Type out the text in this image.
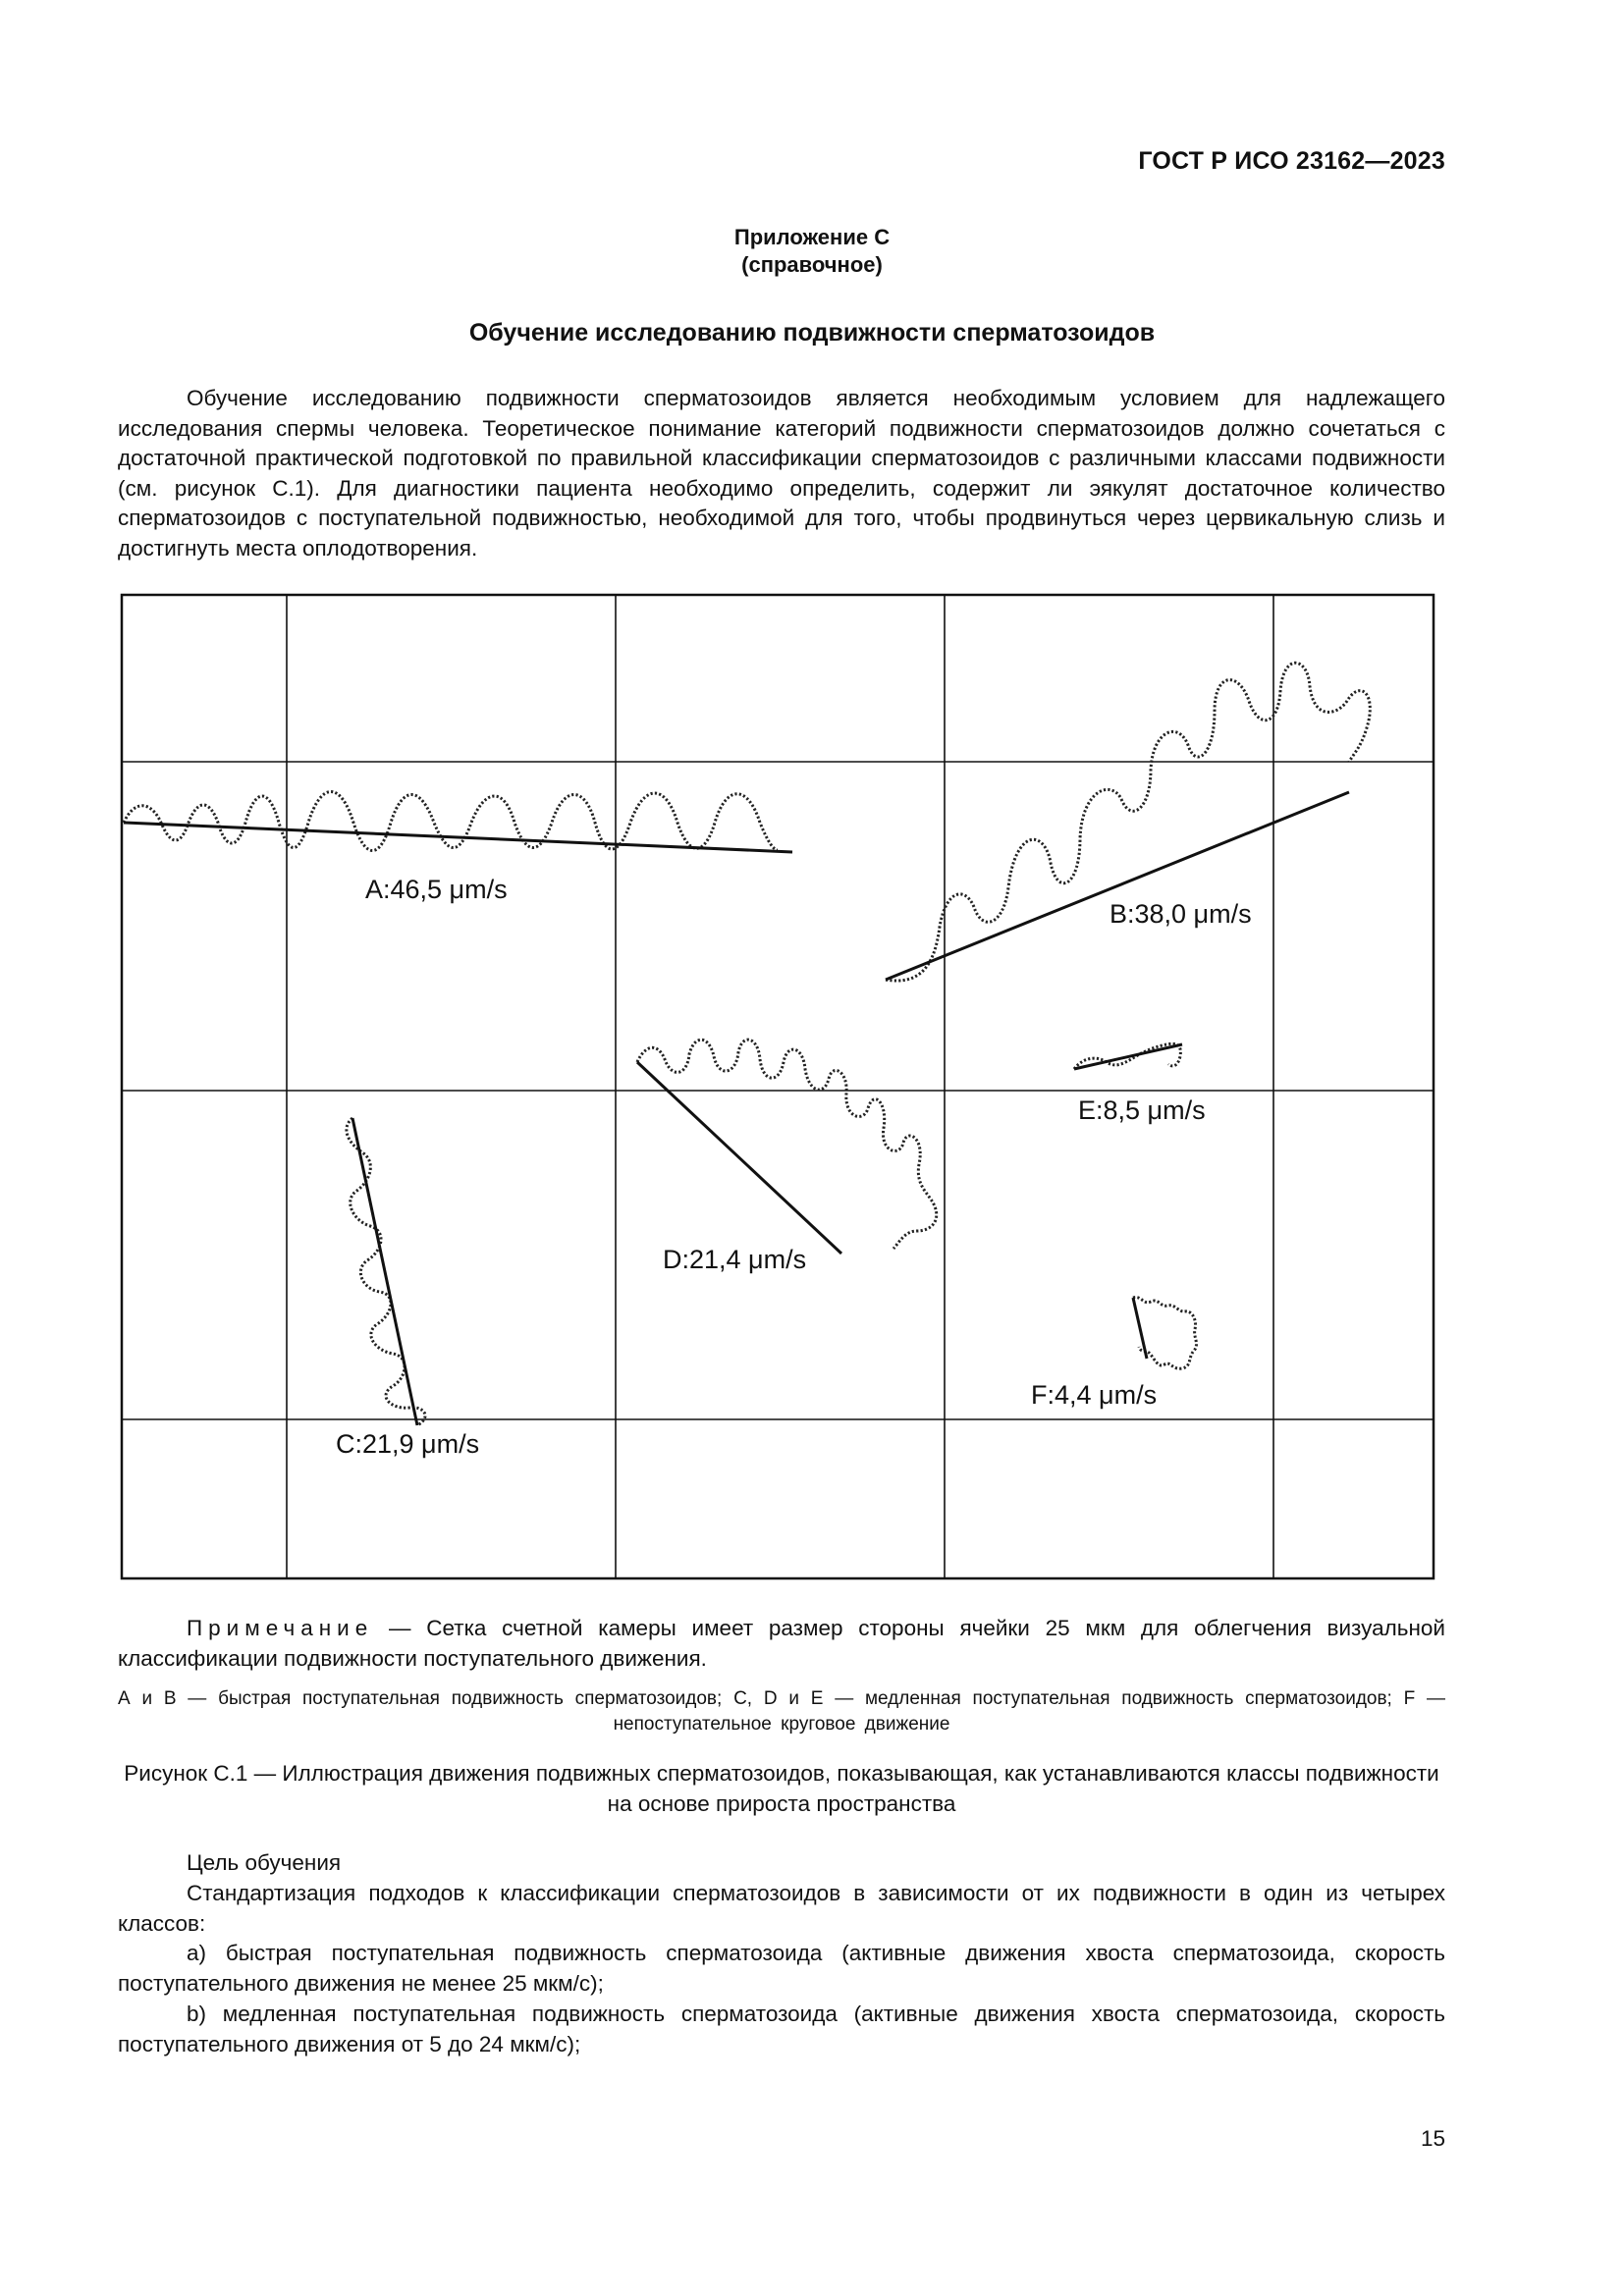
ГОСТ Р ИСО 23162—2023
Приложение С
(справочное)
Обучение исследованию подвижности сперматозоидов
Обучение исследованию подвижности сперматозоидов является необходимым условием для надлежащего исследования спермы человека. Теоретическое понимание категорий подвижности сперматозоидов должно сочетаться с достаточной практической подготовкой по правильной классификации сперматозоидов с различными классами подвижности (см. рисунок С.1). Для диагностики пациента необходимо определить, содержит ли эякулят достаточное количество сперматозоидов с поступательной подвижностью, необходимой для того, чтобы продвинуться через цервикальную слизь и достигнуть места оплодотворения.
A:46,5 μm/s
B:38,0 μm/s
C:21,9 μm/s
D:21,4 μm/s
E:8,5 μm/s
F:4,4 μm/s
Примечание — Сетка счетной камеры имеет размер стороны ячейки 25 мкм для облегчения визуальной классификации подвижности поступательного движения.
А и В — быстрая поступательная подвижность сперматозоидов; C, D и E — медленная поступательная подвижность сперматозоидов; F — непоступательное круговое движение
Рисунок С.1 — Иллюстрация движения подвижных сперматозоидов, показывающая, как устанавливаются классы подвижности на основе прироста пространства

Цель обучения

Стандартизация подходов к классификации сперматозоидов в зависимости от их подвижности в один из четырех классов:

a) быстрая поступательная подвижность сперматозоида (активные движения хвоста сперматозоида, скорость поступательного движения не менее 25 мкм/с);

b) медленная поступательная подвижность сперматозоида (активные движения хвоста сперматозоида, скорость поступательного движения от 5 до 24 мкм/с);

15
